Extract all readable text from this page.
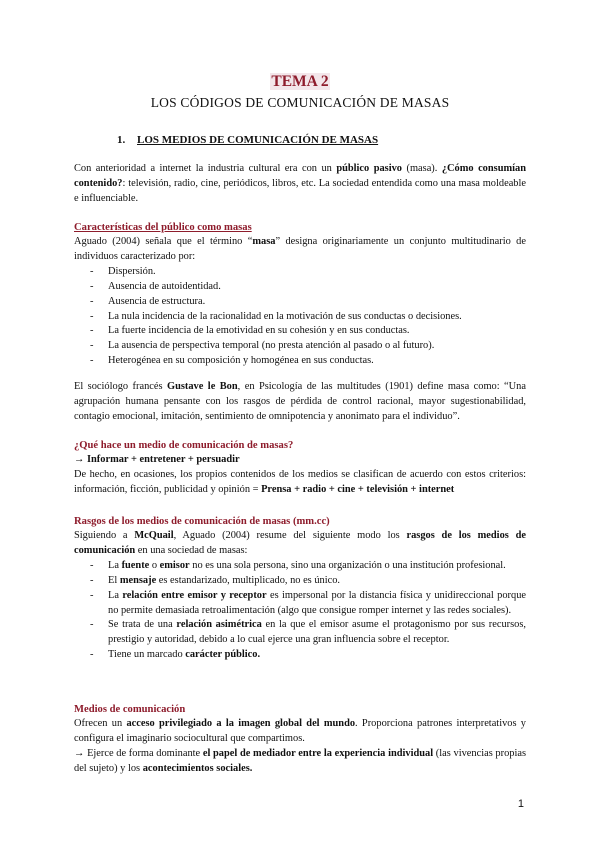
TEMA 2
LOS CÓDIGOS DE COMUNICACIÓN DE MASAS
1. LOS MEDIOS DE COMUNICACIÓN DE MASAS

Con anterioridad a internet la industria cultural era con un público pasivo (masa). ¿Cómo consumían contenido?: televisión, radio, cine, periódicos, libros, etc. La sociedad entendida como una masa moldeable e influenciable.

Características del público como masas

Aguado (2004) señala que el término “masa” designa originariamente un conjunto multitudinario de individuos caracterizado por:

- Dispersión.
- Ausencia de autoidentidad.
- Ausencia de estructura.
- La nula incidencia de la racionalidad en la motivación de sus conductas o decisiones.
- La fuerte incidencia de la emotividad en su cohesión y en sus conductas.
- La ausencia de perspectiva temporal (no presta atención al pasado o al futuro).
- Heterogénea en su composición y homogénea en sus conductas.

El sociólogo francés Gustave le Bon, en Psicología de las multitudes (1901) define masa como: “Una agrupación humana pensante con los rasgos de pérdida de control racional, mayor sugestionabilidad, contagio emocional, imitación, sentimiento de omnipotencia y anonimato para el individuo”.

¿Qué hace un medio de comunicación de masas?

→ Informar + entretener + persuadir

De hecho, en ocasiones, los propios contenidos de los medios se clasifican de acuerdo con estos criterios: información, ficción, publicidad y opinión = Prensa + radio + cine + televisión + internet

Rasgos de los medios de comunicación de masas (mm.cc)

Siguiendo a McQuail, Aguado (2004) resume del siguiente modo los rasgos de los medios de comunicación en una sociedad de masas:

- La fuente o emisor no es una sola persona, sino una organización o una institución profesional.
- El mensaje es estandarizado, multiplicado, no es único.
- La relación entre emisor y receptor es impersonal por la distancia física y unidireccional porque no permite demasiada retroalimentación (algo que consigue romper internet y las redes sociales).
- Se trata de una relación asimétrica en la que el emisor asume el protagonismo por sus recursos, prestigio y autoridad, debido a lo cual ejerce una gran influencia sobre el receptor.
- Tiene un marcado carácter público.
Medios de comunicación

Ofrecen un acceso privilegiado a la imagen global del mundo. Proporciona patrones interpretativos y configura el imaginario sociocultural que compartimos.

→ Ejerce de forma dominante el papel de mediador entre la experiencia individual (las vivencias propias del sujeto) y los acontecimientos sociales.

1
